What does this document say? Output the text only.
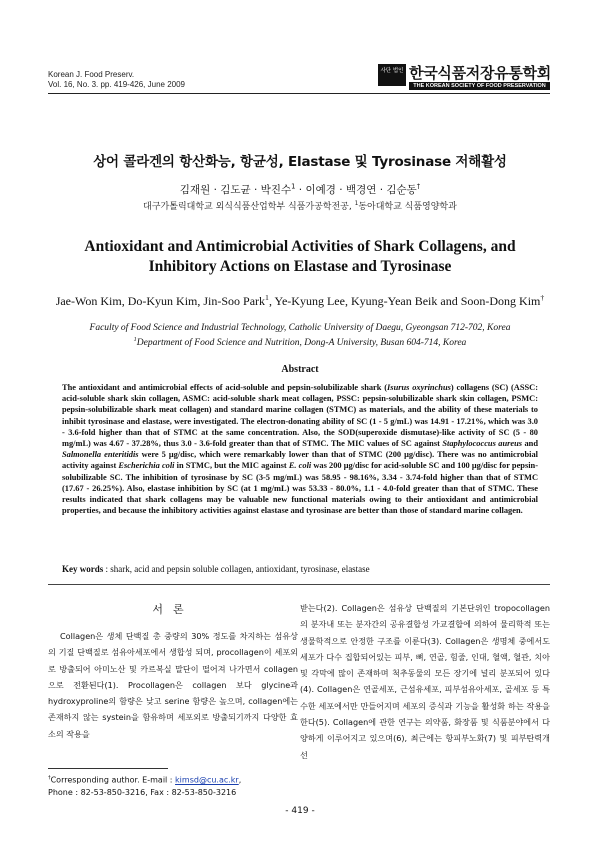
Korean J. Food Preserv.
Vol. 16, No. 3. pp. 419-426, June 2009
사단 법인 한국식품저장유통학회
THE KOREAN SOCIETY OF FOOD PRESERVATION
상어 콜라겐의 항산화능, 항균성, Elastase 및 Tyrosinase 저해활성
김재원 · 김도균 · 박진수$^1$ · 이예경 · 백경연 · 김순동†
대구가톨릭대학교 외식식품산업학부 식품가공학전공, $^1$동아대학교 식품영양학과
Antioxidant and Antimicrobial Activities of Shark Collagens, and Inhibitory Actions on Elastase and Tyrosinase
Jae-Won Kim, Do-Kyun Kim, Jin-Soo Park$^1$, Ye-Kyung Lee, Kyung-Yean Beik and Soon-Dong Kim†
Faculty of Food Science and Industrial Technology, Catholic University of Daegu, Gyeongsan 712-702, Korea
$^1$Department of Food Science and Nutrition, Dong-A University, Busan 604-714, Korea
Abstract
The antioxidant and antimicrobial effects of acid-soluble and pepsin-solubilizable shark (Isurus oxyrinchus) collagens (SC) (ASSC: acid-soluble shark skin collagen, ASMC: acid-soluble shark meat collagen, PSSC: pepsin-solubilizable shark skin collagen, PSMC: pepsin-solubilizable shark meat collagen) and standard marine collagen (STMC) as materials, and the ability of these materials to inhibit tyrosinase and elastase, were investigated. The electron-donating ability of SC (1 - 5 g/mL) was 14.91 - 17.21%, which was 3.0 - 3.6-fold higher than that of STMC at the same concentration. Also, the SOD(superoxide dismutase)-like activity of SC (5 - 80 mg/mL) was 4.67 - 37.28%, thus 3.0 - 3.6-fold greater than that of STMC. The MIC values of SC against Staphylococcus aureus and Salmonella enteritidis were 5 μg/disc, which were remarkably lower than that of STMC (200 μg/disc). There was no antimicrobial activity against Escherichia coli in STMC, but the MIC against E. coli was 200 μg/disc for acid-soluble SC and 100 μg/disc for pepsin-solubilizable SC. The inhibition of tyrosinase by SC (3-5 mg/mL) was 58.95 - 98.16%, 3.34 - 3.74-fold higher than that of STMC (17.67 - 26.25%). Also, elastase inhibition by SC (at 1 mg/mL) was 53.33 - 80.0%, 1.1 - 4.0-fold greater than that of STMC. These results indicated that shark collagens may be valuable new functional materials owing to their antioxidant and antimicrobial properties, and because the inhibitory activities against elastase and tyrosinase are better than those of standard marine collagen.
Key words : shark, acid and pepsin soluble collagen, antioxidant, tyrosinase, elastase
서론
Collagen은 생체 단백질 총 중량의 30% 정도를 차지하는 섬유상의 기질 단백질로 섬유아세포에서 생합성 되며, procollagen이 세포외로 방출되어 아미노산 및 카르복실 말단이 떨어져 나가면서 collagen으로 전환된다(1). Procollagen은 collagen 보다 glycine과 hydroxyproline의 함량은 낮고 serine 함량은 높으며, collagen에는 존재하지 않는 systein을 함유하며 세포외로 방출되기까지 다양한 효소의 작용을
받는다(2). Collagen은 섬유상 단백질의 기본단위인 tropocollagen의 분자내 또는 분자간의 공유결합성 가교결합에 의하여 물리학적 또는 생물학적으로 안정한 구조를 이룬다(3). Collagen은 생명체 중에서도 세포가 다수 집합되어있는 피부, 뼈, 연골, 힘줄, 인대, 혈액, 혈관, 치아 및 각막에 많이 존재하며 척추동물의 모든 장기에 널리 분포되어 있다(4). Collagen은 연골세포, 근섬유세포, 피부섬유아세포, 골세포 등 특수한 세포에서만 만들어지며 세포의 증식과 기능을 활성화 하는 작용을 한다(5). Collagen에 관한 연구는 의약품, 화장품 및 식품분야에서 다양하게 이루어지고 있으며(6), 최근에는 항피부노화(7) 및 피부탄력개선
†Corresponding author. E-mail : kimsd@cu.ac.kr,
Phone : 82-53-850-3216, Fax : 82-53-850-3216
- 419 -
